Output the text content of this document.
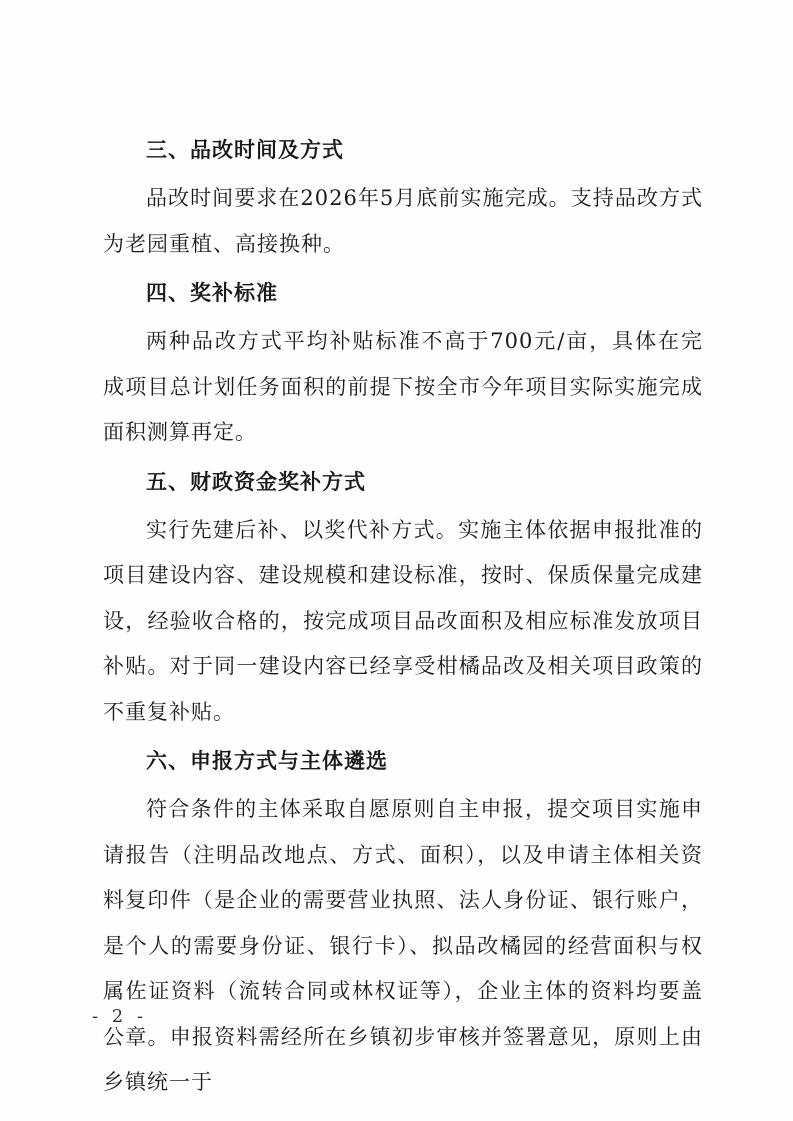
三、品改时间及方式

品改时间要求在2026年5月底前实施完成。支持品改方式为老园重植、高接换种。

四、奖补标准

两种品改方式平均补贴标准不高于700元/亩，具体在完成项目总计划任务面积的前提下按全市今年项目实际实施完成面积测算再定。

五、财政资金奖补方式

实行先建后补、以奖代补方式。实施主体依据申报批准的项目建设内容、建设规模和建设标准，按时、保质保量完成建设，经验收合格的，按完成项目品改面积及相应标准发放项目补贴。对于同一建设内容已经享受柑橘品改及相关项目政策的不重复补贴。

六、申报方式与主体遴选

符合条件的主体采取自愿原则自主申报，提交项目实施申请报告（注明品改地点、方式、面积），以及申请主体相关资料复印件（是企业的需要营业执照、法人身份证、银行账户，是个人的需要身份证、银行卡）、拟品改橘园的经营面积与权属佐证资料（流转合同或林权证等），企业主体的资料均要盖公章。申报资料需经所在乡镇初步审核并签署意见，原则上由乡镇统一于

- 2 -
